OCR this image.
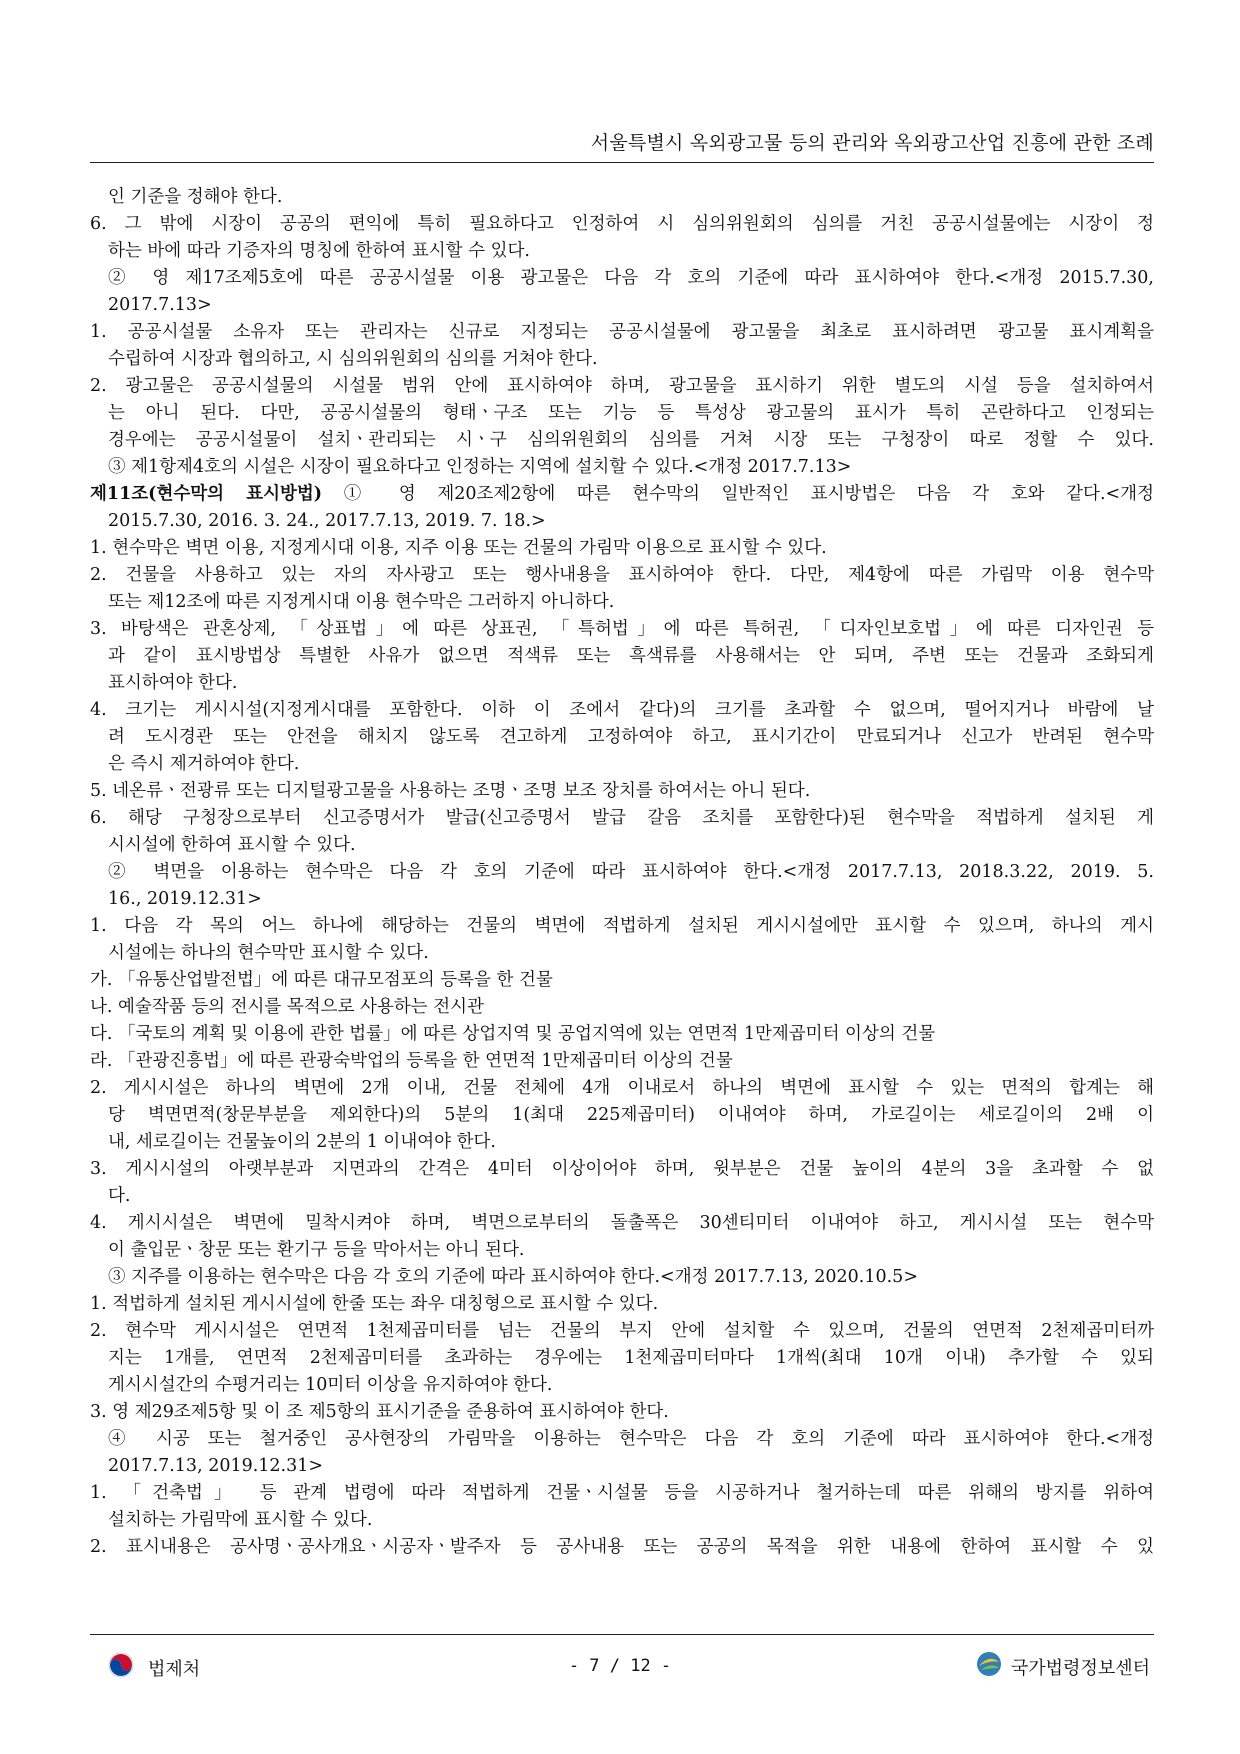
서울특별시 옥외광고물 등의 관리와 옥외광고산업 진흥에 관한 조례
인 기준을 정해야 한다.
6. 그 밖에 시장이 공공의 편익에 특히 필요하다고 인정하여 시 심의위원회의 심의를 거친 공공시설물에는 시장이 정
하는 바에 따라 기증자의 명칭에 한하여 표시할 수 있다.
② 영 제17조제5호에 따른 공공시설물 이용 광고물은 다음 각 호의 기준에 따라 표시하여야 한다.<개정 2015.7.30,
2017.7.13>
1. 공공시설물 소유자 또는 관리자는 신규로 지정되는 공공시설물에 광고물을 최초로 표시하려면 광고물 표시계획을
수립하여 시장과 협의하고, 시 심의위원회의 심의를 거쳐야 한다.
2. 광고물은 공공시설물의 시설물 범위 안에 표시하여야 하며, 광고물을 표시하기 위한 별도의 시설 등을 설치하여서
는 아니 된다. 다만, 공공시설물의 형태ㆍ구조 또는 기능 등 특성상 광고물의 표시가 특히 곤란하다고 인정되는
경우에는 공공시설물이 설치ㆍ관리되는 시ㆍ구 심의위원회의 심의를 거쳐 시장 또는 구청장이 따로 정할 수 있다.
③ 제1항제4호의 시설은 시장이 필요하다고 인정하는 지역에 설치할 수 있다.<개정 2017.7.13>
제11조(현수막의 표시방법) ① 영 제20조제2항에 따른 현수막의 일반적인 표시방법은 다음 각 호와 같다.<개정
2015.7.30, 2016. 3. 24., 2017.7.13, 2019. 7. 18.>
1. 현수막은 벽면 이용, 지정게시대 이용, 지주 이용 또는 건물의 가림막 이용으로 표시할 수 있다.
2. 건물을 사용하고 있는 자의 자사광고 또는 행사내용을 표시하여야 한다. 다만, 제4항에 따른 가림막 이용 현수막
또는 제12조에 따른 지정게시대 이용 현수막은 그러하지 아니하다.
3. 바탕색은 관혼상제, 「상표법」에 따른 상표권, 「특허법」에 따른 특허권, 「디자인보호법」에 따른 디자인권 등
과 같이 표시방법상 특별한 사유가 없으면 적색류 또는 흑색류를 사용해서는 안 되며, 주변 또는 건물과 조화되게
표시하여야 한다.
4. 크기는 게시시설(지정게시대를 포함한다. 이하 이 조에서 같다)의 크기를 초과할 수 없으며, 떨어지거나 바람에 날
려 도시경관 또는 안전을 해치지 않도록 견고하게 고정하여야 하고, 표시기간이 만료되거나 신고가 반려된 현수막
은 즉시 제거하여야 한다.
5. 네온류ㆍ전광류 또는 디지털광고물을 사용하는 조명ㆍ조명 보조 장치를 하여서는 아니 된다.
6. 해당 구청장으로부터 신고증명서가 발급(신고증명서 발급 갈음 조치를 포함한다)된 현수막을 적법하게 설치된 게
시시설에 한하여 표시할 수 있다.
② 벽면을 이용하는 현수막은 다음 각 호의 기준에 따라 표시하여야 한다.<개정 2017.7.13, 2018.3.22, 2019. 5.
16., 2019.12.31>
1. 다음 각 목의 어느 하나에 해당하는 건물의 벽면에 적법하게 설치된 게시시설에만 표시할 수 있으며, 하나의 게시
시설에는 하나의 현수막만 표시할 수 있다.
가. 「유통산업발전법」에 따른 대규모점포의 등록을 한 건물
나. 예술작품 등의 전시를 목적으로 사용하는 전시관
다. 「국토의 계획 및 이용에 관한 법률」에 따른 상업지역 및 공업지역에 있는 연면적 1만제곱미터 이상의 건물
라. 「관광진흥법」에 따른 관광숙박업의 등록을 한 연면적 1만제곱미터 이상의 건물
2. 게시시설은 하나의 벽면에 2개 이내, 건물 전체에 4개 이내로서 하나의 벽면에 표시할 수 있는 면적의 합계는 해
당 벽면면적(창문부분을 제외한다)의 5분의 1(최대 225제곱미터) 이내여야 하며, 가로길이는 세로길이의 2배 이
내, 세로길이는 건물높이의 2분의 1 이내여야 한다.
3. 게시시설의 아랫부분과 지면과의 간격은 4미터 이상이어야 하며, 윗부분은 건물 높이의 4분의 3을 초과할 수 없
다.
4. 게시시설은 벽면에 밀착시켜야 하며, 벽면으로부터의 돌출폭은 30센티미터 이내여야 하고, 게시시설 또는 현수막
이 출입문ㆍ창문 또는 환기구 등을 막아서는 아니 된다.
③ 지주를 이용하는 현수막은 다음 각 호의 기준에 따라 표시하여야 한다.<개정 2017.7.13, 2020.10.5>
1. 적법하게 설치된 게시시설에 한줄 또는 좌우 대칭형으로 표시할 수 있다.
2. 현수막 게시시설은 연면적 1천제곱미터를 넘는 건물의 부지 안에 설치할 수 있으며, 건물의 연면적 2천제곱미터까
지는 1개를, 연면적 2천제곱미터를 초과하는 경우에는 1천제곱미터마다 1개씩(최대 10개 이내) 추가할 수 있되
게시시설간의 수평거리는 10미터 이상을 유지하여야 한다.
3. 영 제29조제5항 및 이 조 제5항의 표시기준을 준용하여 표시하여야 한다.
④ 시공 또는 철거중인 공사현장의 가림막을 이용하는 현수막은 다음 각 호의 기준에 따라 표시하여야 한다.<개정
2017.7.13, 2019.12.31>
1. 「건축법」 등 관계 법령에 따라 적법하게 건물ㆍ시설물 등을 시공하거나 철거하는데 따른 위해의 방지를 위하여
설치하는 가림막에 표시할 수 있다.
2. 표시내용은 공사명ㆍ공사개요ㆍ시공자ㆍ발주자 등 공사내용 또는 공공의 목적을 위한 내용에 한하여 표시할 수 있
법제처	- 7 / 12 -	국가법령정보센터
